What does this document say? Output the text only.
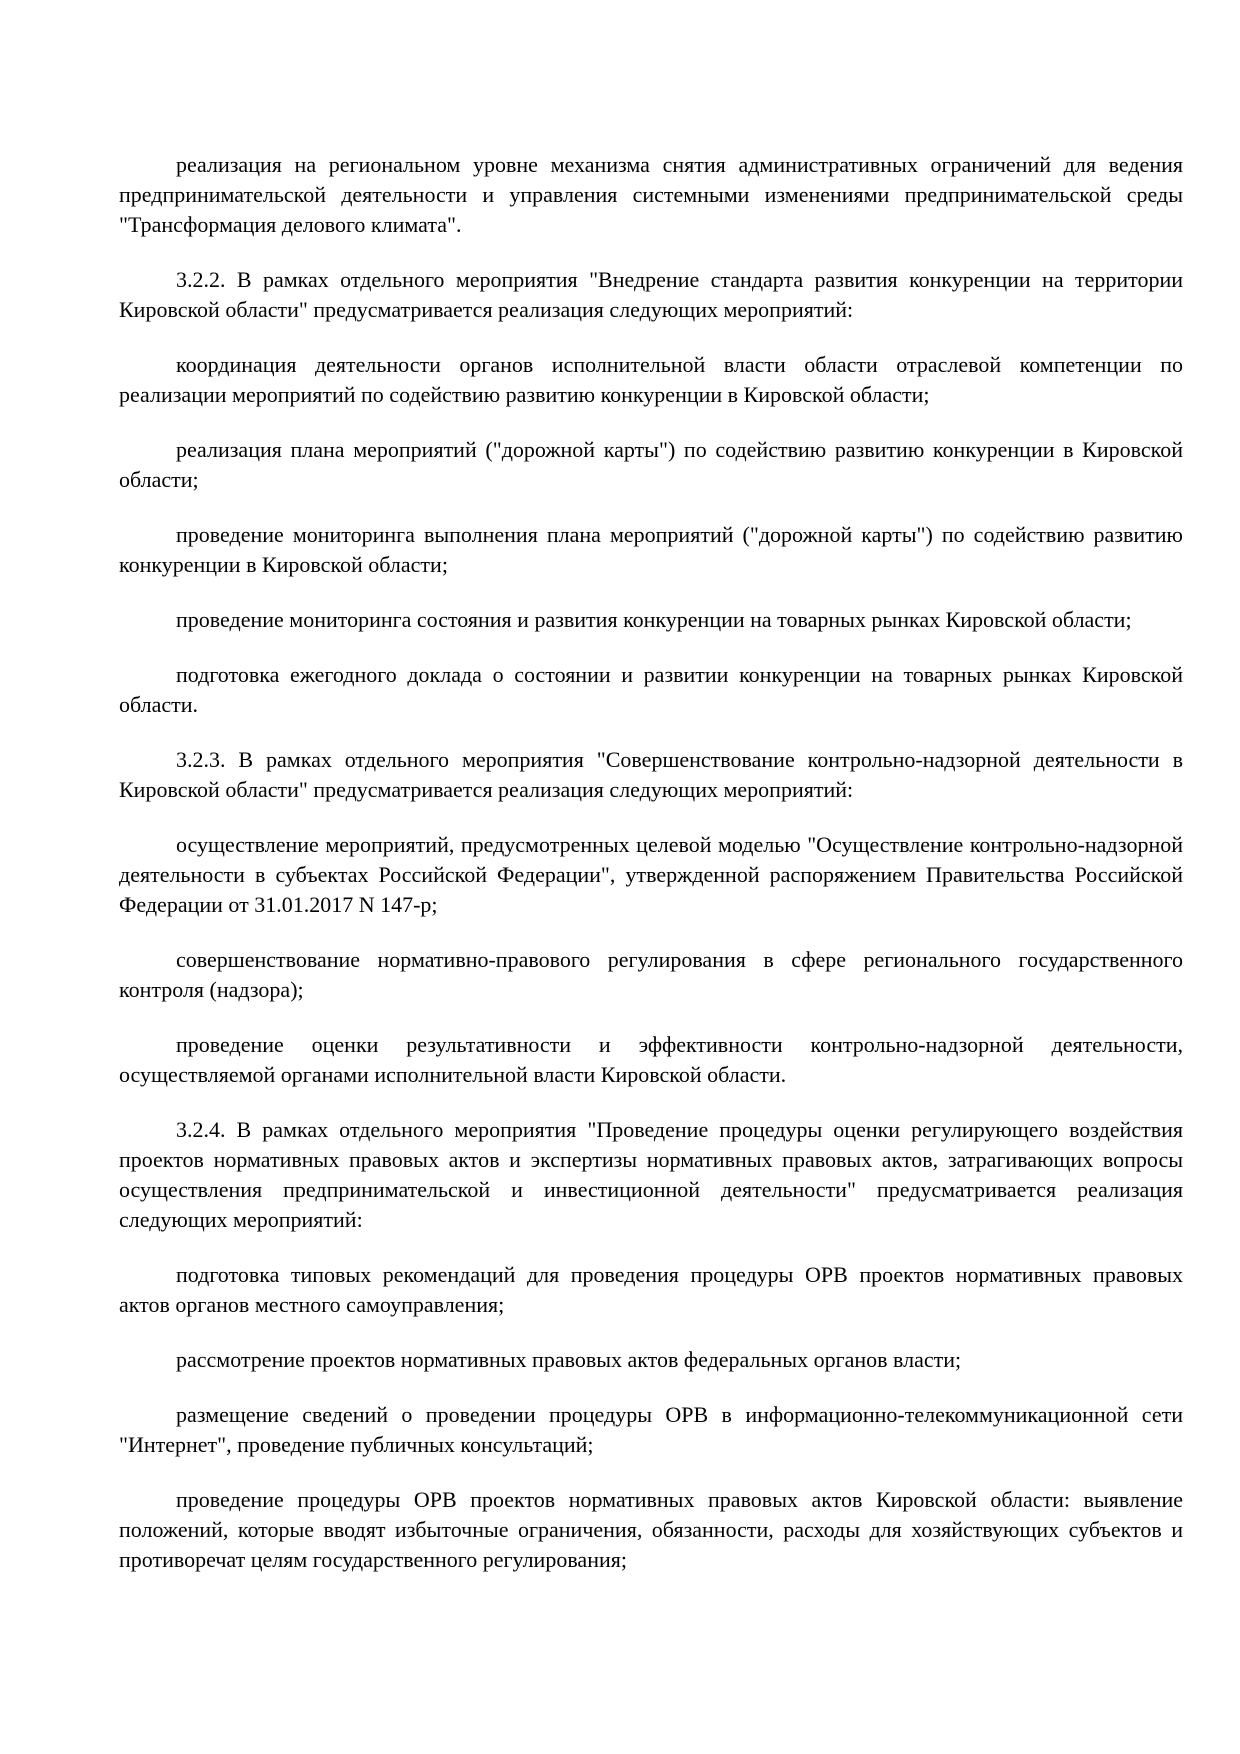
реализация на региональном уровне механизма снятия административных ограничений для ведения предпринимательской деятельности и управления системными изменениями предпринимательской среды "Трансформация делового климата".

3.2.2. В рамках отдельного мероприятия "Внедрение стандарта развития конкуренции на территории Кировской области" предусматривается реализация следующих мероприятий:

координация деятельности органов исполнительной власти области отраслевой компетенции по реализации мероприятий по содействию развитию конкуренции в Кировской области;

реализация плана мероприятий ("дорожной карты") по содействию развитию конкуренции в Кировской области;

проведение мониторинга выполнения плана мероприятий ("дорожной карты") по содействию развитию конкуренции в Кировской области;

проведение мониторинга состояния и развития конкуренции на товарных рынках Кировской области;

подготовка ежегодного доклада о состоянии и развитии конкуренции на товарных рынках Кировской области.

3.2.3. В рамках отдельного мероприятия "Совершенствование контрольно-надзорной деятельности в Кировской области" предусматривается реализация следующих мероприятий:

осуществление мероприятий, предусмотренных целевой моделью "Осуществление контрольно-надзорной деятельности в субъектах Российской Федерации", утвержденной распоряжением Правительства Российской Федерации от 31.01.2017 N 147-р;

совершенствование нормативно-правового регулирования в сфере регионального государственного контроля (надзора);

проведение оценки результативности и эффективности контрольно-надзорной деятельности, осуществляемой органами исполнительной власти Кировской области.

3.2.4. В рамках отдельного мероприятия "Проведение процедуры оценки регулирующего воздействия проектов нормативных правовых актов и экспертизы нормативных правовых актов, затрагивающих вопросы осуществления предпринимательской и инвестиционной деятельности" предусматривается реализация следующих мероприятий:

подготовка типовых рекомендаций для проведения процедуры ОРВ проектов нормативных правовых актов органов местного самоуправления;

рассмотрение проектов нормативных правовых актов федеральных органов власти;

размещение сведений о проведении процедуры ОРВ в информационно-телекоммуникационной сети "Интернет", проведение публичных консультаций;

проведение процедуры ОРВ проектов нормативных правовых актов Кировской области: выявление положений, которые вводят избыточные ограничения, обязанности, расходы для хозяйствующих субъектов и противоречат целям государственного регулирования;
